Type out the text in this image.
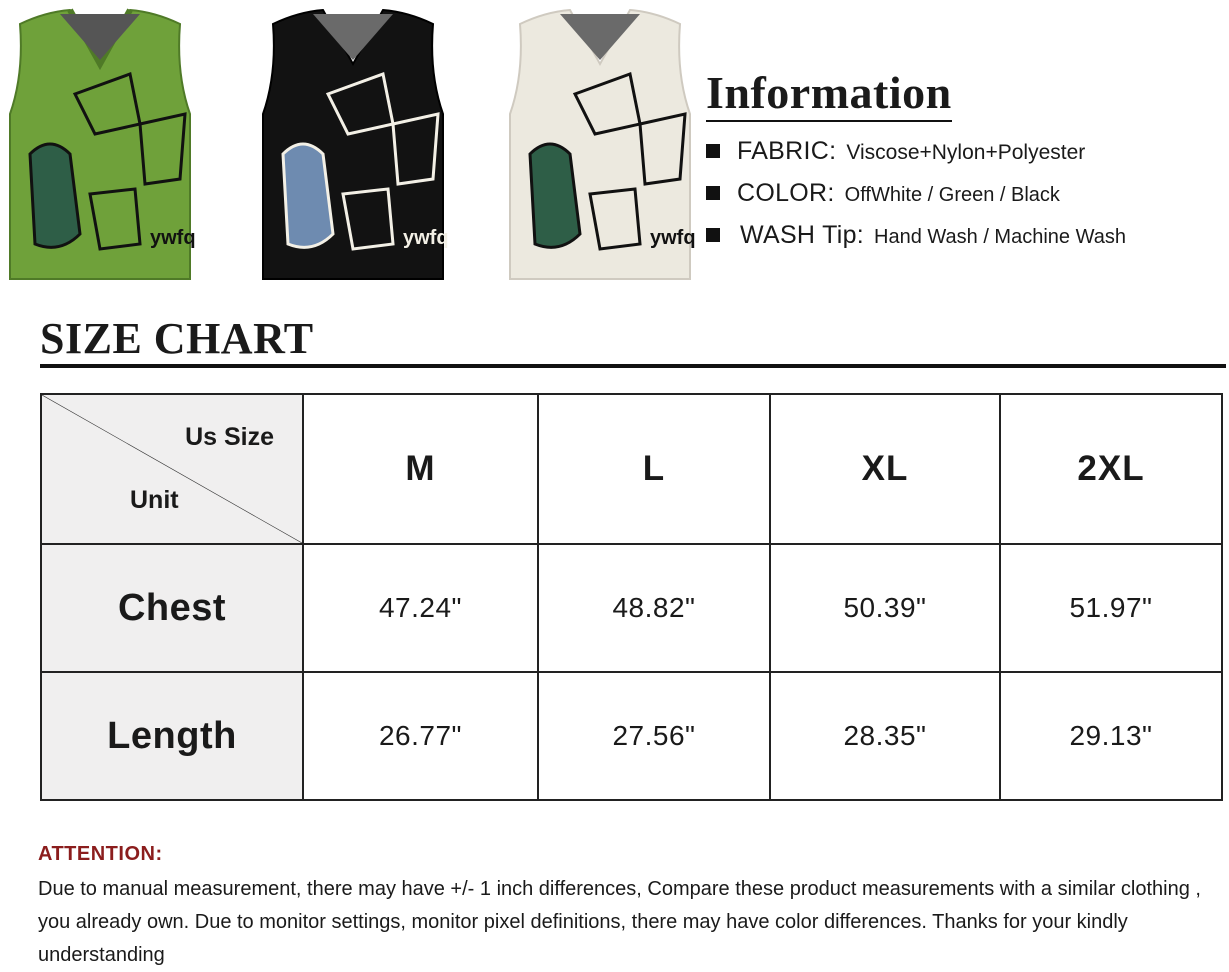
ywfq	ywfq	ywfq
Information
FABRIC: Viscose+Nylon+Polyester
COLOR: OffWhite / Green / Black
WASH Tip: Hand Wash / Machine Wash
SIZE CHART
Us Size
Unit	M	L	XL	2XL
Chest	47.24"	48.82"	50.39"	51.97"
Length	26.77"	27.56"	28.35"	29.13"
ATTENTION:
Due to manual measurement, there may have +/- 1 inch differences, Compare these product measurements with a similar clothing , you already own. Due to monitor settings, monitor pixel definitions, there may have color differences. Thanks for your kindly understanding
